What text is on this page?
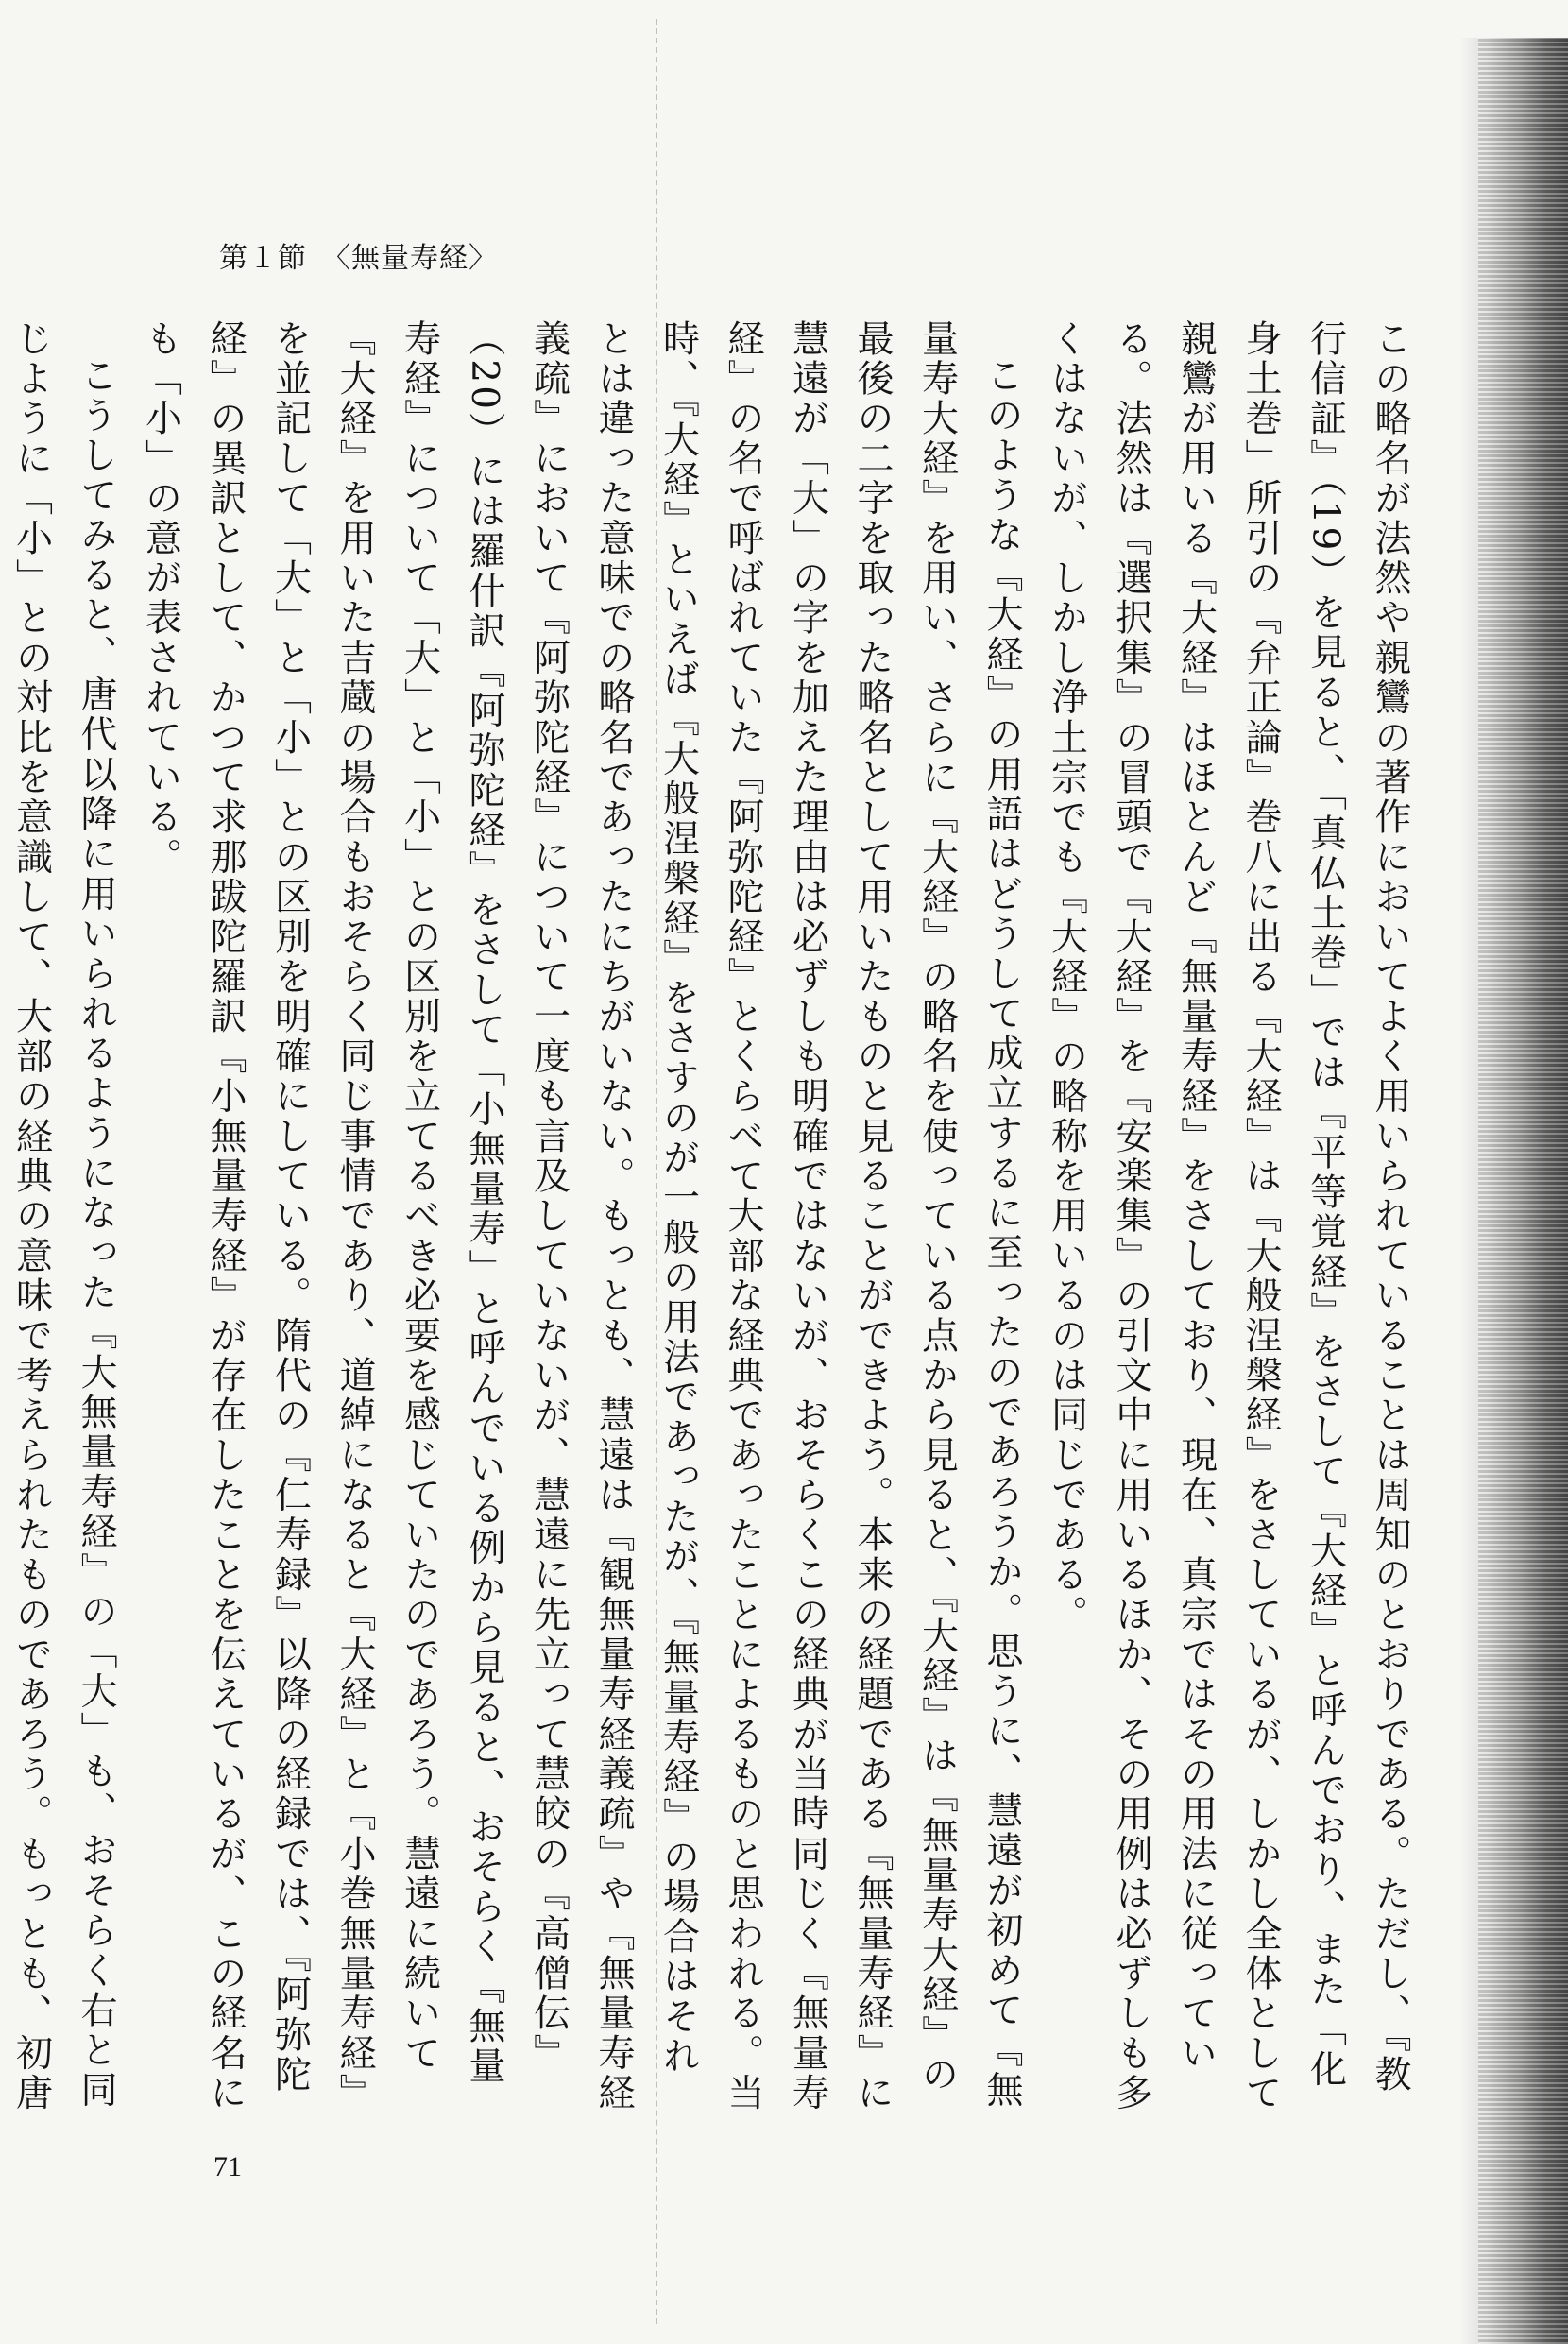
第１節　〈無量寿経〉

この略名が法然や親鸞の著作においてよく用いられていることは周知のとおりである。ただし、『教行信証』（19）を見ると、「真仏土巻」では『平等覚経』をさして『大経』と呼んでおり、また「化身土巻」所引の『弁正論』巻八に出る『大経』は『大般涅槃経』をさしているが、しかし全体として親鸞が用いる『大経』はほとんど『無量寿経』をさしており、現在、真宗ではその用法に従っている。法然は『選択集』の冒頭で『大経』を『安楽集』の引文中に用いるほか、その用例は必ずしも多くはないが、しかし浄土宗でも『大経』の略称を用いるのは同じである。

このような『大経』の用語はどうして成立するに至ったのであろうか。思うに、慧遠が初めて『無量寿大経』を用い、さらに『大経』の略名を使っている点から見ると、『大経』は『無量寿大経』の最後の二字を取った略名として用いたものと見ることができよう。本来の経題である『無量寿経』に慧遠が「大」の字を加えた理由は必ずしも明確ではないが、おそらくこの経典が当時同じく『無量寿経』の名で呼ばれていた『阿弥陀経』とくらべて大部な経典であったことによるものと思われる。当時、『大経』といえば『大般涅槃経』をさすのが一般の用法であったが、『無量寿経』の場合はそれとは違った意味での略名であったにちがいない。もっとも、慧遠は『観無量寿経義疏』や『無量寿経義疏』において『阿弥陀経』について一度も言及していないが、慧遠に先立って慧皎の『高僧伝』（20）には羅什訳『阿弥陀経』をさして「小無量寿」と呼んでいる例から見ると、おそらく『無量寿経』について「大」と「小」との区別を立てるべき必要を感じていたのであろう。慧遠に続いて『大経』を用いた吉蔵の場合もおそらく同じ事情であり、道綽になると『大経』と『小巻無量寿経』を並記して「大」と「小」との区別を明確にしている。隋代の『仁寿録』以降の経録では、『阿弥陀経』の異訳として、かつて求那跋陀羅訳『小無量寿経』が存在したことを伝えているが、この経名にも「小」の意が表されている。

こうしてみると、唐代以降に用いられるようになった『大無量寿経』の「大」も、おそらく右と同じように「小」との対比を意識して、大部の経典の意味で考えられたものであろう。もっとも、初唐

71
